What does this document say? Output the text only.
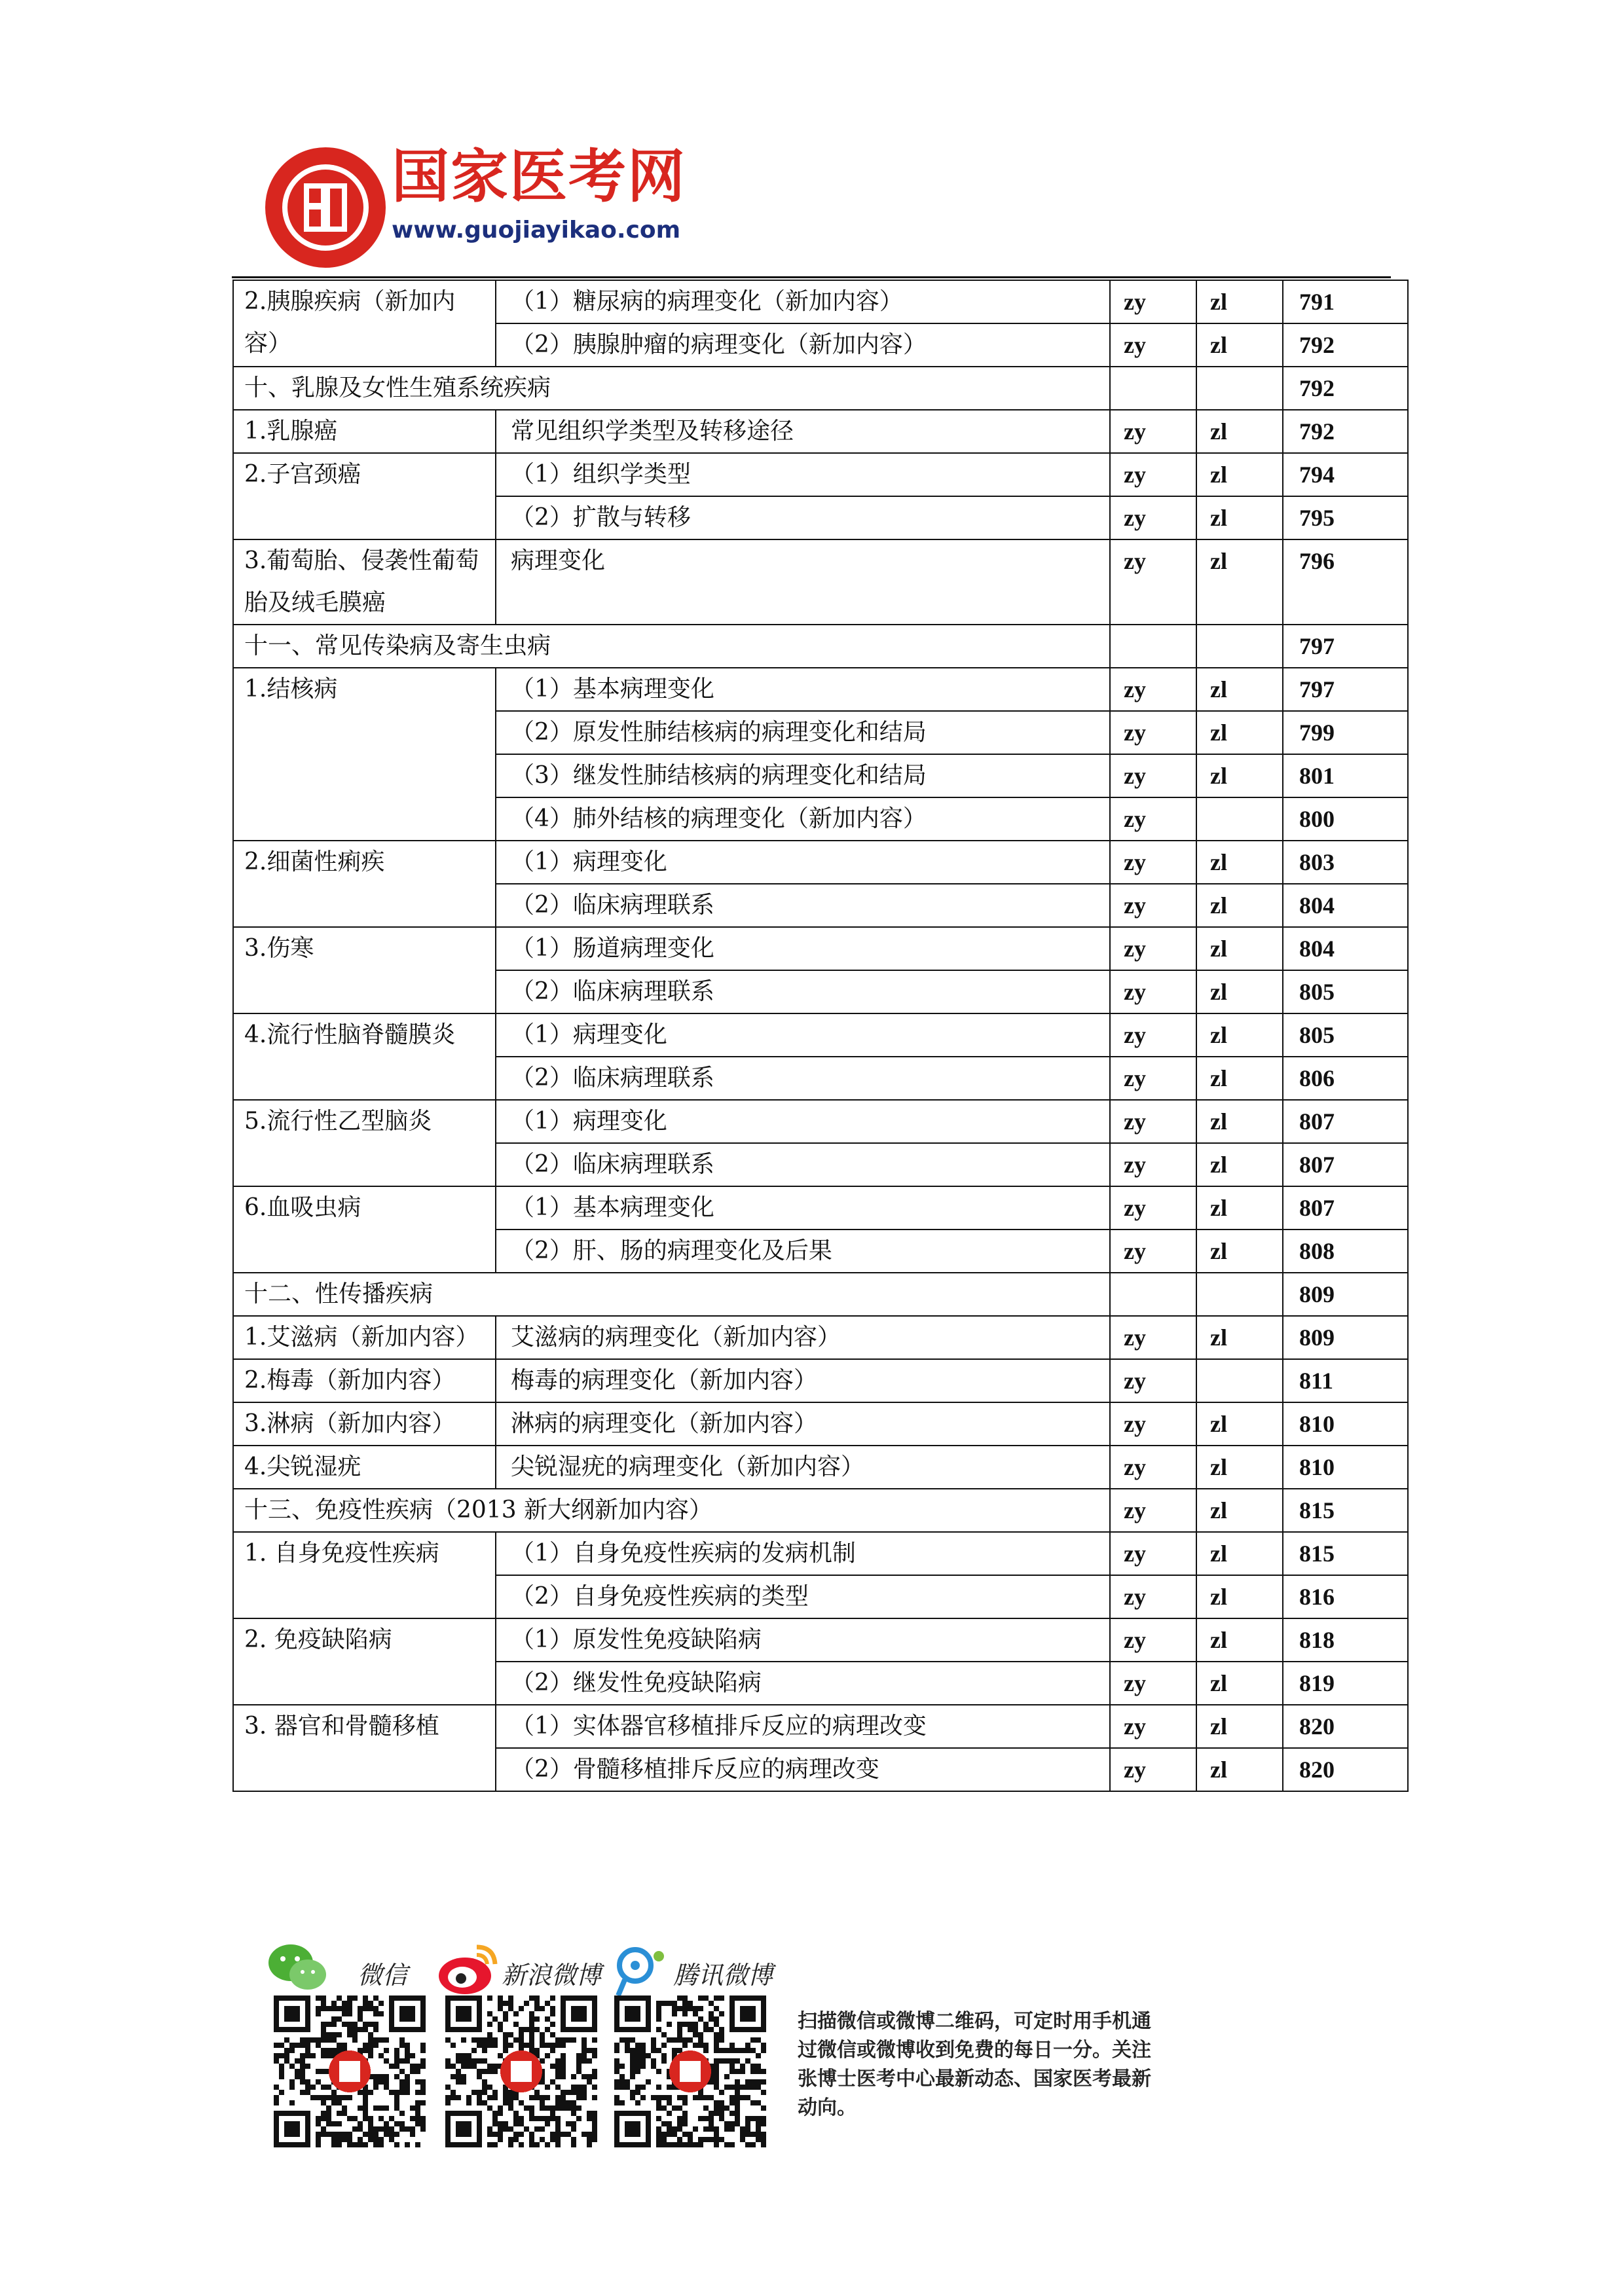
国家医考网
www.guojiayikao.com
2.胰腺疾病（新加内容）	（1）糖尿病的病理变化（新加内容）	zy	zl	791
	（2）胰腺肿瘤的病理变化（新加内容）	zy	zl	792
十、乳腺及女性生殖系统疾病				792
1.乳腺癌	常见组织学类型及转移途径	zy	zl	792
2.子宫颈癌	（1）组织学类型	zy	zl	794
	（2）扩散与转移	zy	zl	795
3.葡萄胎、侵袭性葡萄胎及绒毛膜癌	病理变化	zy	zl	796
十一、常见传染病及寄生虫病				797
1.结核病	（1）基本病理变化	zy	zl	797
	（2）原发性肺结核病的病理变化和结局	zy	zl	799
	（3）继发性肺结核病的病理变化和结局	zy	zl	801
	（4）肺外结核的病理变化（新加内容）	zy		800
2.细菌性痢疾	（1）病理变化	zy	zl	803
	（2）临床病理联系	zy	zl	804
3.伤寒	（1）肠道病理变化	zy	zl	804
	（2）临床病理联系	zy	zl	805
4.流行性脑脊髓膜炎	（1）病理变化	zy	zl	805
	（2）临床病理联系	zy	zl	806
5.流行性乙型脑炎	（1）病理变化	zy	zl	807
	（2）临床病理联系	zy	zl	807
6.血吸虫病	（1）基本病理变化	zy	zl	807
	（2）肝、肠的病理变化及后果	zy	zl	808
十二、性传播疾病				809
1.艾滋病（新加内容）	艾滋病的病理变化（新加内容）	zy	zl	809
2.梅毒（新加内容）	梅毒的病理变化（新加内容）	zy		811
3.淋病（新加内容）	淋病的病理变化（新加内容）	zy	zl	810
4.尖锐湿疣	尖锐湿疣的病理变化（新加内容）	zy	zl	810
十三、免疫性疾病（2013 新大纲新加内容）		zy	zl	815
1. 自身免疫性疾病	（1）自身免疫性疾病的发病机制	zy	zl	815
	（2）自身免疫性疾病的类型	zy	zl	816
2. 免疫缺陷病	（1）原发性免疫缺陷病	zy	zl	818
	（2）继发性免疫缺陷病	zy	zl	819
3. 器官和骨髓移植	（1）实体器官移植排斥反应的病理改变	zy	zl	820
	（2）骨髓移植排斥反应的病理改变	zy	zl	820
微信	新浪微博	腾讯微博
扫描微信或微博二维码，可定时用手机通过微信或微博收到免费的每日一分。关注张博士医考中心最新动态、国家医考最新动向。
